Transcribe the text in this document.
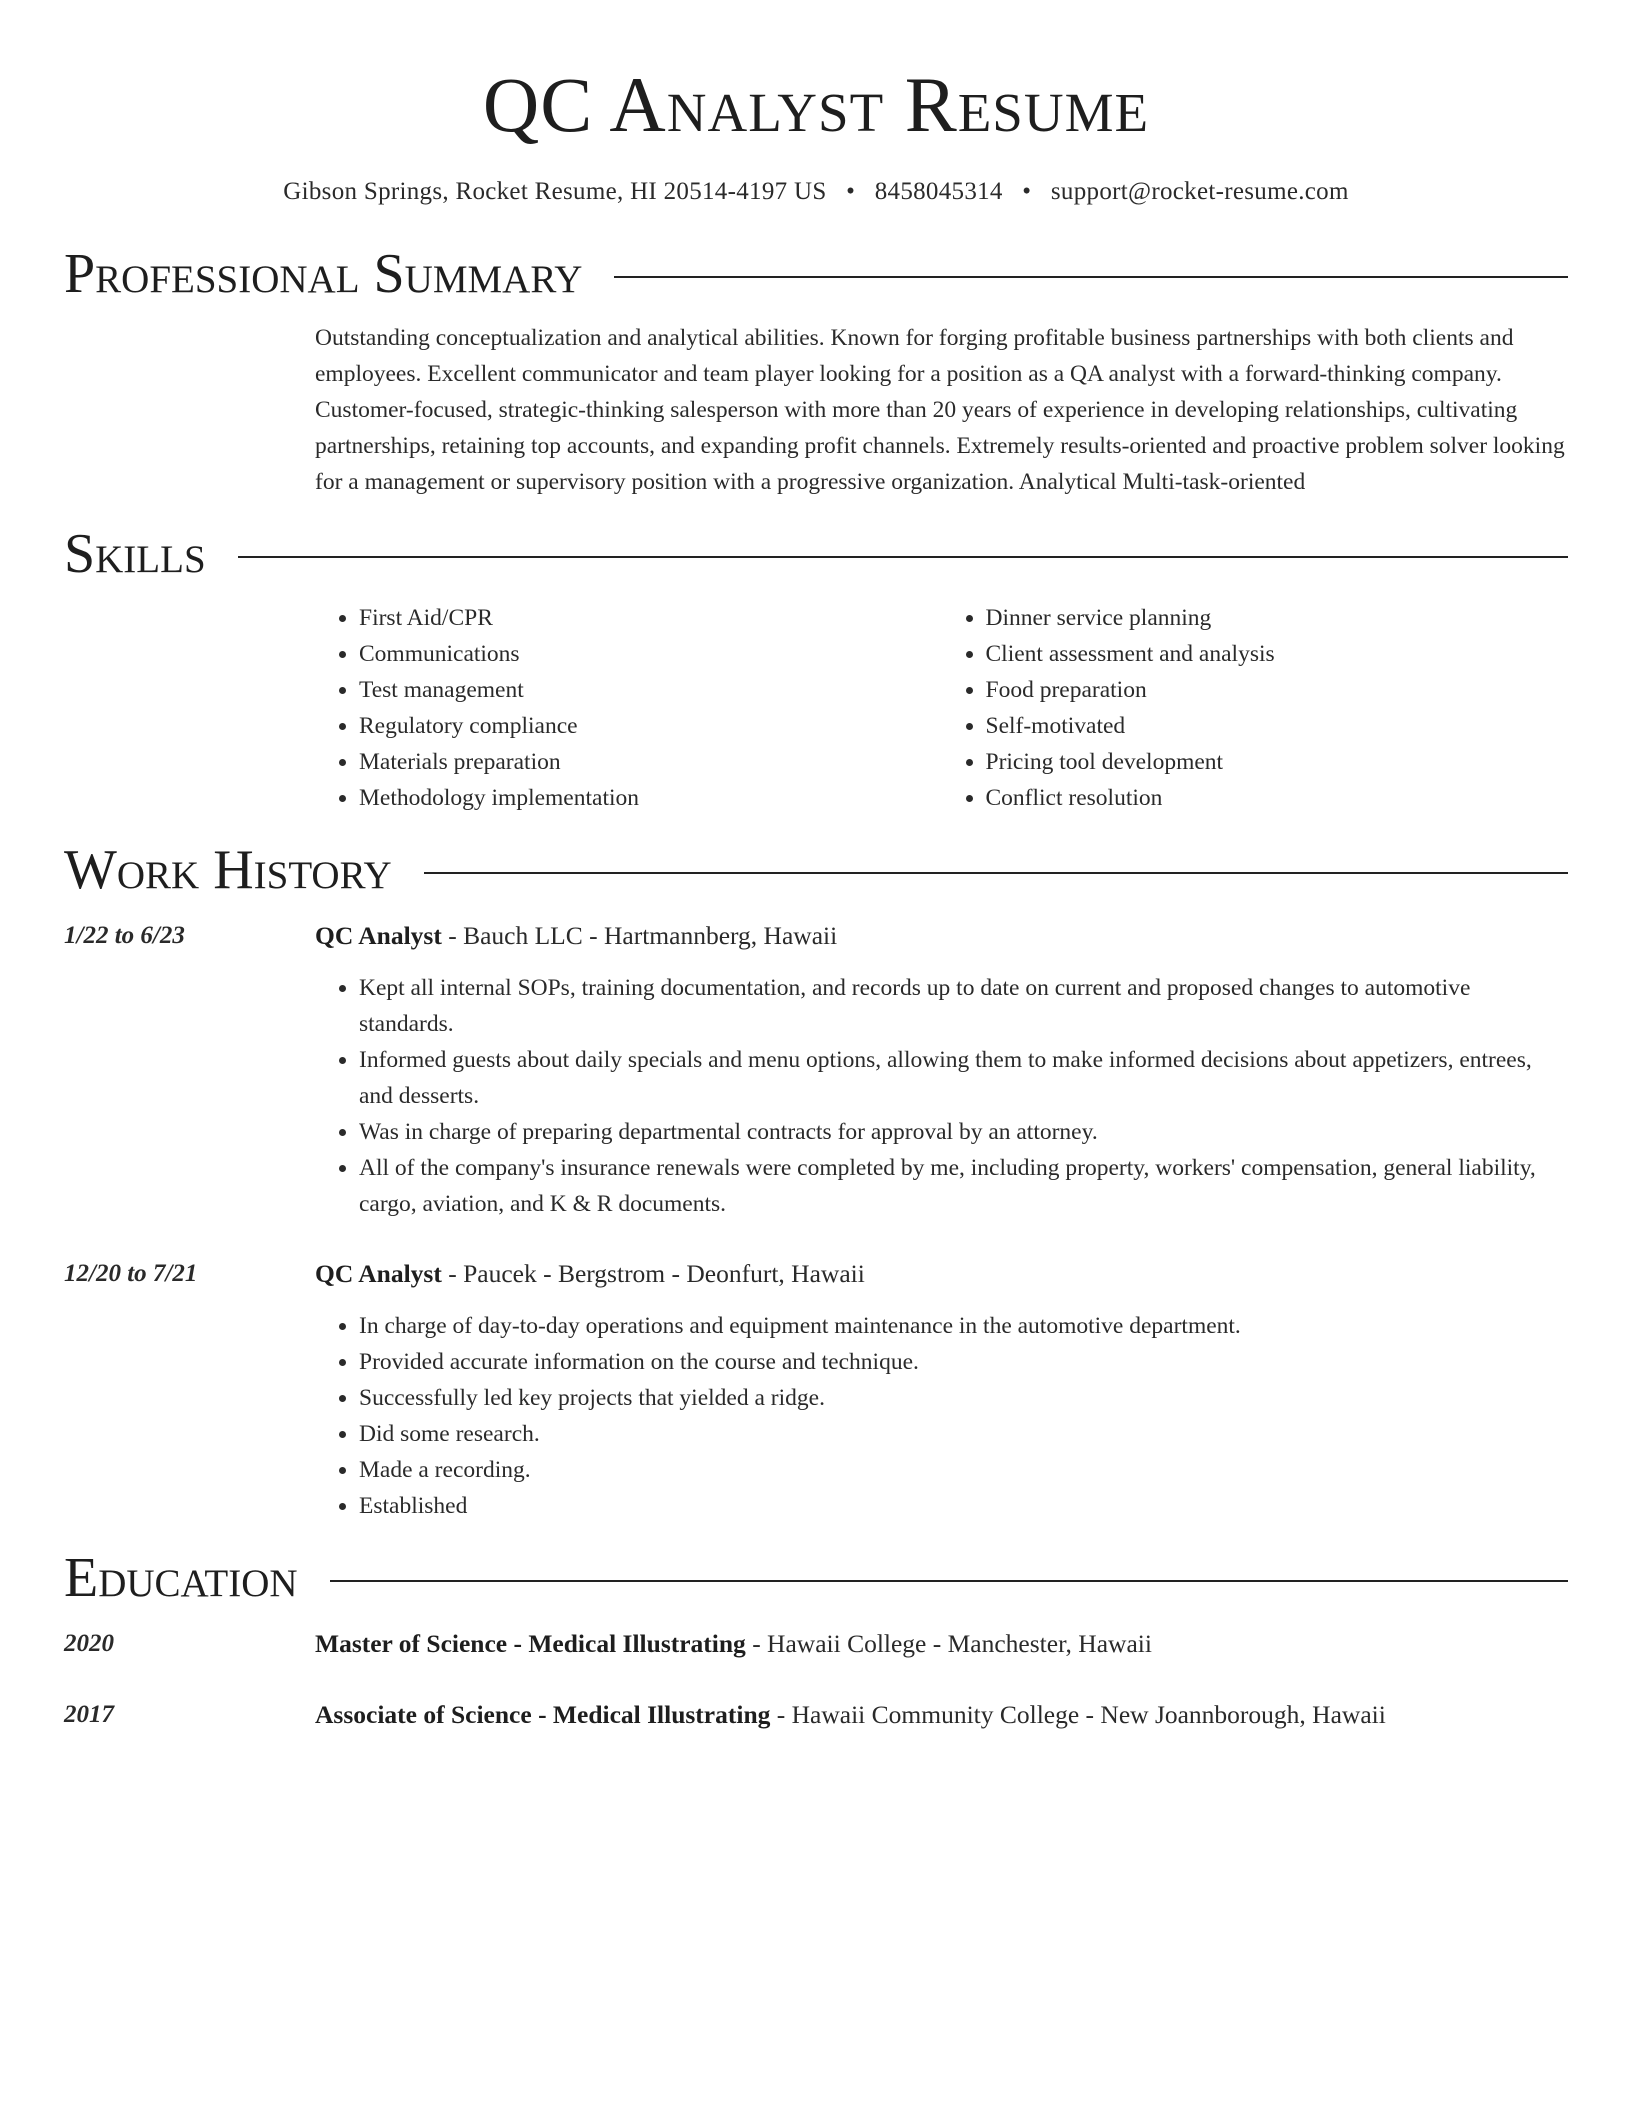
QC Analyst Resume
Gibson Springs, Rocket Resume, HI 20514-4197 US • 8458045314 • support@rocket-resume.com
Professional Summary

Outstanding conceptualization and analytical abilities. Known for forging profitable business partnerships with both clients and employees. Excellent communicator and team player looking for a position as a QA analyst with a forward-thinking company. Customer-focused, strategic-thinking salesperson with more than 20 years of experience in developing relationships, cultivating partnerships, retaining top accounts, and expanding profit channels. Extremely results-oriented and proactive problem solver looking for a management or supervisory position with a progressive organization. Analytical Multi-task-oriented

Skills
• First Aid/CPR
• Communications
• Test management
• Regulatory compliance
• Materials preparation
• Methodology implementation
• Dinner service planning
• Client assessment and analysis
• Food preparation
• Self-motivated
• Pricing tool development
• Conflict resolution
Work History
1/22 to 6/23	QC Analyst - Bauch LLC - Hartmannberg, Hawaii
• Kept all internal SOPs, training documentation, and records up to date on current and proposed changes to automotive standards.
• Informed guests about daily specials and menu options, allowing them to make informed decisions about appetizers, entrees, and desserts.
• Was in charge of preparing departmental contracts for approval by an attorney.
• All of the company's insurance renewals were completed by me, including property, workers' compensation, general liability, cargo, aviation, and K & R documents.
12/20 to 7/21	QC Analyst - Paucek - Bergstrom - Deonfurt, Hawaii
• In charge of day-to-day operations and equipment maintenance in the automotive department.
• Provided accurate information on the course and technique.
• Successfully led key projects that yielded a ridge.
• Did some research.
• Made a recording.
• Established
Education
2020	Master of Science - Medical Illustrating - Hawaii College - Manchester, Hawaii
2017	Associate of Science - Medical Illustrating - Hawaii Community College - New Joannborough, Hawaii
